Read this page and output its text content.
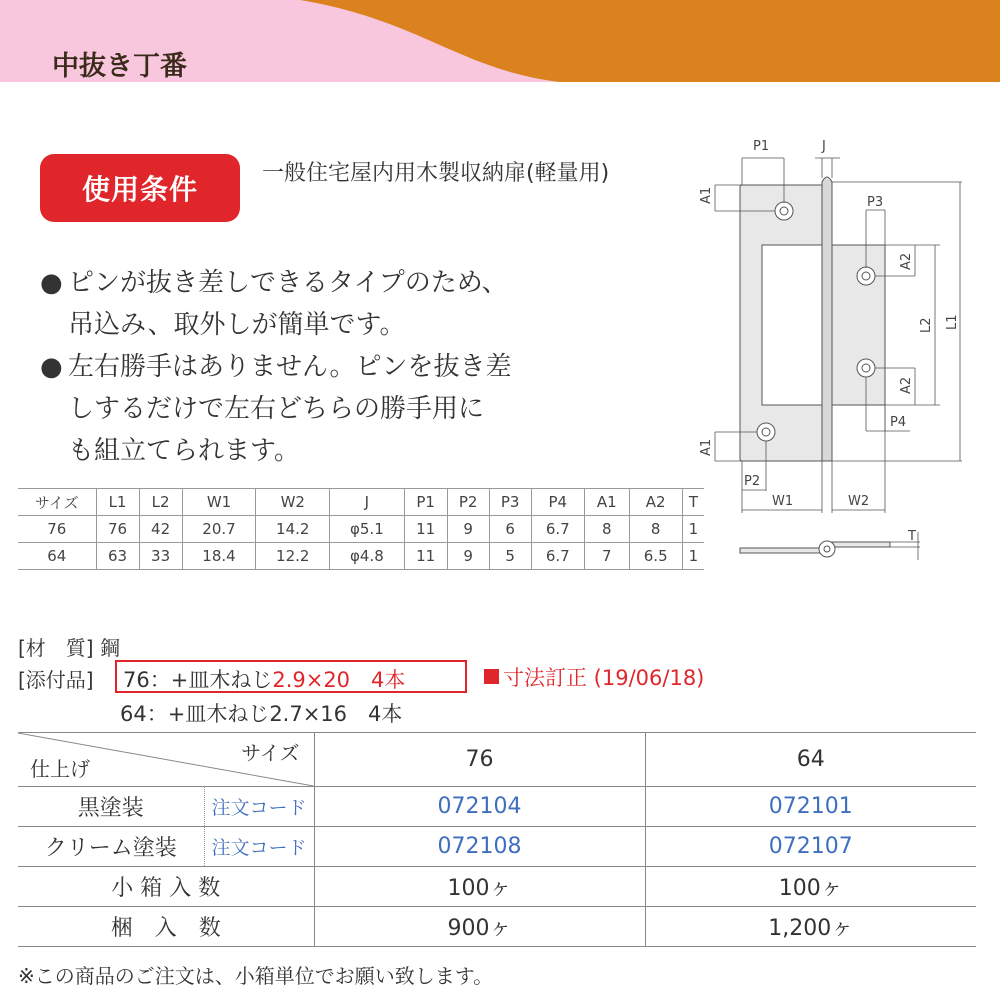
中抜き丁番
使用条件	一般住宅屋内用木製収納扉(軽量用)
● ピンが抜き差しできるタイプのため、
吊込み、取外しが簡単です。
● 左右勝手はありません。ピンを抜き差
しするだけで左右どちらの勝手用に
も組立てられます。
サイズ	L1	L2	W1	W2	J	P1	P2	P3	P4	A1	A2	T
76	76	42	20.7	14.2	φ5.1	11	9	6	6.7	8	8	1
64	63	33	18.4	12.2	φ4.8	11	9	5	6.7	7	6.5	1
P1	J
A1	P3
A2
L2 L1
A2
P4
A1
P2
W1	W2
T
[材　質] 鋼
[添付品]	76：+皿木ねじ2.9×20　 4本	寸法訂正 (19/06/18)
64：+皿木ねじ2.7×16　4本
サイズ
仕上げ		76	64
黒塗装	注文コード	072104	072101
クリーム塗装	注文コード	072108	072107
小 箱 入 数		100ヶ	100ヶ
梱　入　数		900ヶ	1,200ヶ
※この商品のご注文は、小箱単位でお願い致します。
